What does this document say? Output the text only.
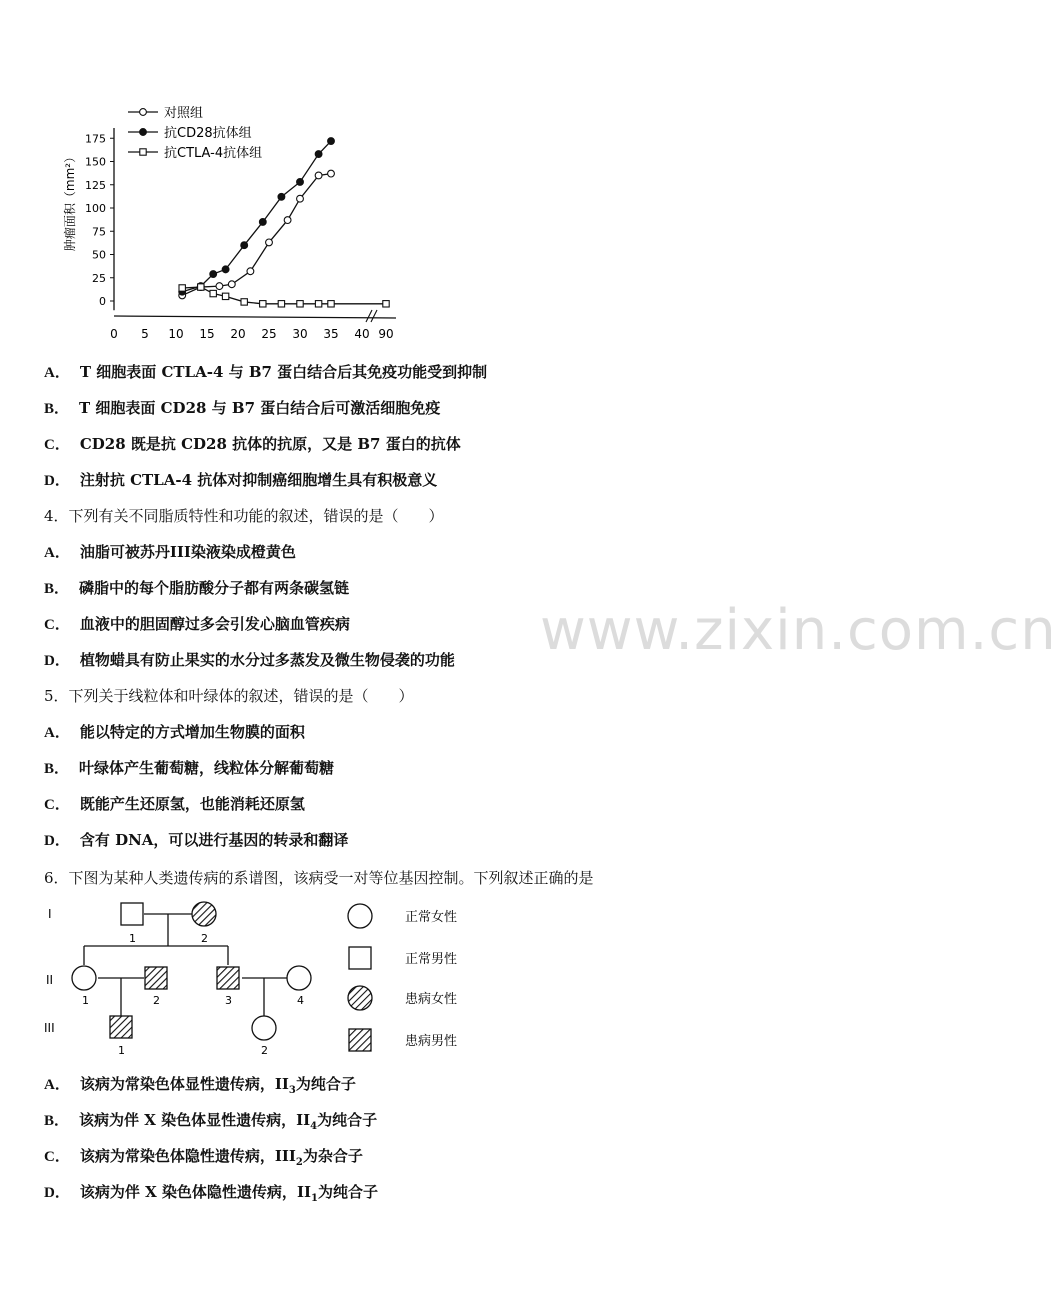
0
25
50
75
100
125
150
175
0 5 10 15 20 25 30 35 40 90
肿瘤面积（mm²）
对照组
抗CD28抗体组
抗CTLA-4抗体组
A． T 细胞表面 CTLA-4 与 B7 蛋白结合后其免疫功能受到抑制
B． T 细胞表面 CD28 与 B7 蛋白结合后可激活细胞免疫
C． CD28 既是抗 CD28 抗体的抗原，又是 B7 蛋白的抗体
D． 注射抗 CTLA-4 抗体对抑制癌细胞增生具有积极意义
4．下列有关不同脂质特性和功能的叙述，错误的是（　　）
A． 油脂可被苏丹III染液染成橙黄色
B． 磷脂中的每个脂肪酸分子都有两条碳氢链
C． 血液中的胆固醇过多会引发心脑血管疾病
D． 植物蜡具有防止果实的水分过多蒸发及微生物侵袭的功能 www.zixin.com.cn
5．下列关于线粒体和叶绿体的叙述，错误的是（　　）
A． 能以特定的方式增加生物膜的面积
B． 叶绿体产生葡萄糖，线粒体分解葡萄糖
C． 既能产生还原氢，也能消耗还原氢
D． 含有 DNA，可以进行基因的转录和翻译
6．下图为某种人类遗传病的系谱图，该病受一对等位基因控制。下列叙述正确的是
I
II
III
1	2
1	2	3	4
1	2
正常女性
正常男性
患病女性
患病男性
A． 该病为常染色体显性遗传病，$II_3$为纯合子
B． 该病为伴 X 染色体显性遗传病，$II_4$为纯合子
C． 该病为常染色体隐性遗传病，$III_2$为杂合子
D． 该病为伴 X 染色体隐性遗传病，$II_1$为纯合子
